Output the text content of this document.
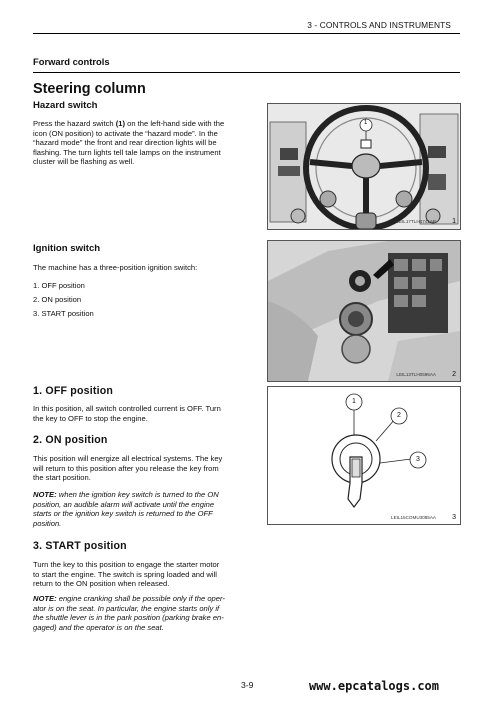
3 - CONTROLS AND INSTRUMENTS
Forward controls
Steering column
Hazard switch
Press the hazard switch (1) on the left-hand side with the
icon (ON position) to activate the “hazard mode”. In the
“hazard mode” the front and rear direction lights will be
flashing. The turn lights tell tale lamps on the instrument
cluster will be flashing as well.
1
LEIL17TLH4741AB 1
Ignition switch
The machine has a three-position ignition switch:
1. OFF position
2. ON position
3. START position
LEIL13TLH0595AA 2
1. OFF position
In this position, all switch controlled current is OFF. Turn
the key to OFF to stop the engine.
1
2
3
LEIL15COMU3085AA 3
2. ON position
This position will energize all electrical systems. The key
will return to this position after you release the key from
the start position.
NOTE: when the ignition key switch is turned to the ON
position, an audible alarm will activate until the engine
starts or the ignition key switch is returned to the OFF
position.
3. START position
Turn the key to this position to engage the starter motor
to start the engine. The switch is spring loaded and will
return to the ON position when released.
NOTE: engine cranking shall be possible only if the oper-
ator is on the seat. In particular, the engine starts only if
the shuttle lever is in the park position (parking brake en-
gaged) and the operator is on the seat.
3-9	www.epcatalogs.com
